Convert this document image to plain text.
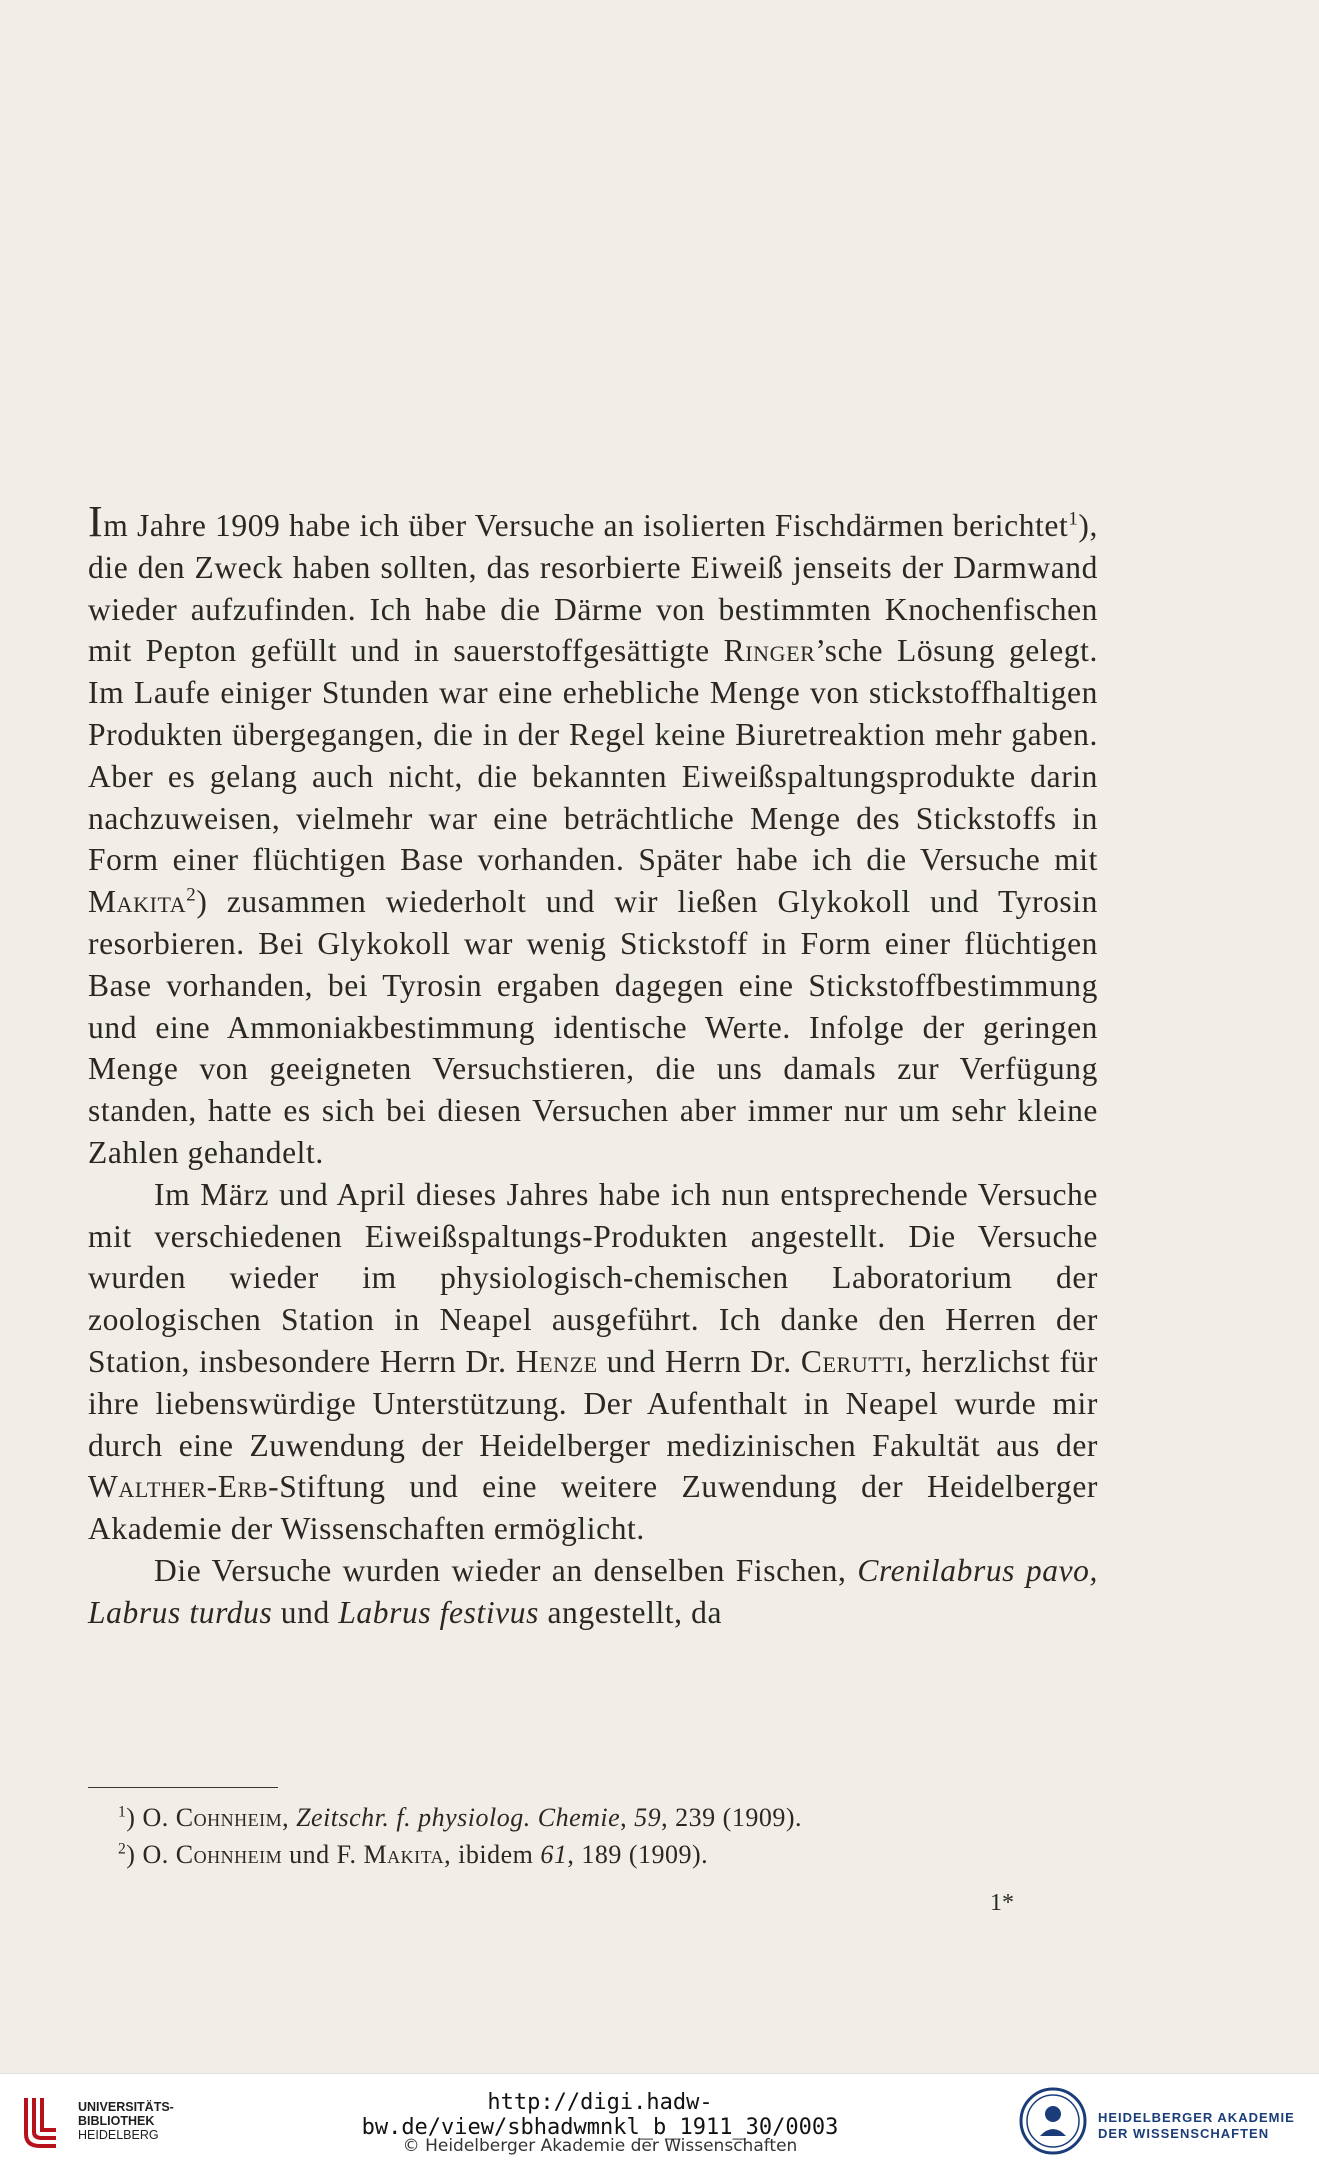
Im Jahre 1909 habe ich über Versuche an isolierten Fischdärmen berichtet$^1$), die den Zweck haben sollten, das resorbierte Eiweiß jenseits der Darmwand wieder aufzufinden. Ich habe die Därme von bestimmten Knochenfischen mit Pepton gefüllt und in sauerstoffgesättigte Ringer’sche Lösung gelegt. Im Laufe einiger Stunden war eine erhebliche Menge von stickstoffhaltigen Produkten übergegangen, die in der Regel keine Biuretreaktion mehr gaben. Aber es gelang auch nicht, die bekannten Eiweißspaltungsprodukte darin nachzuweisen, vielmehr war eine beträchtliche Menge des Stickstoffs in Form einer flüchtigen Base vorhanden. Später habe ich die Versuche mit Makita$^2$) zusammen wiederholt und wir ließen Glykokoll und Tyrosin resorbieren. Bei Glykokoll war wenig Stickstoff in Form einer flüchtigen Base vorhanden, bei Tyrosin ergaben dagegen eine Stickstoffbestimmung und eine Ammoniakbestimmung identische Werte. Infolge der geringen Menge von geeigneten Versuchstieren, die uns damals zur Verfügung standen, hatte es sich bei diesen Versuchen aber immer nur um sehr kleine Zahlen gehandelt.

Im März und April dieses Jahres habe ich nun entsprechende Versuche mit verschiedenen Eiweißspaltungs-Produkten angestellt. Die Versuche wurden wieder im physiologisch-chemischen Laboratorium der zoologischen Station in Neapel ausgeführt. Ich danke den Herren der Station, insbesondere Herrn Dr. Henze und Herrn Dr. Cerutti, herzlichst für ihre liebenswürdige Unterstützung. Der Aufenthalt in Neapel wurde mir durch eine Zuwendung der Heidelberger medizinischen Fakultät aus der Walther-Erb-Stiftung und eine weitere Zuwendung der Heidelberger Akademie der Wissenschaften ermöglicht.

Die Versuche wurden wieder an denselben Fischen, Crenilabrus pavo, Labrus turdus und Labrus festivus angestellt, da

$^1$) O. Cohnheim, Zeitschr. f. physiolog. Chemie, 59, 239 (1909).

$^2$) O. Cohnheim und F. Makita, ibidem 61, 189 (1909).

1*
UNIVERSITÄTS-
BIBLIOTHEK
HEIDELBERG
http://digi.hadw-bw.de/view/sbhadwmnkl_b_1911_30/0003
© Heidelberger Akademie der Wissenschaften
HEIDELBERGER AKADEMIE
DER WISSENSCHAFTEN
